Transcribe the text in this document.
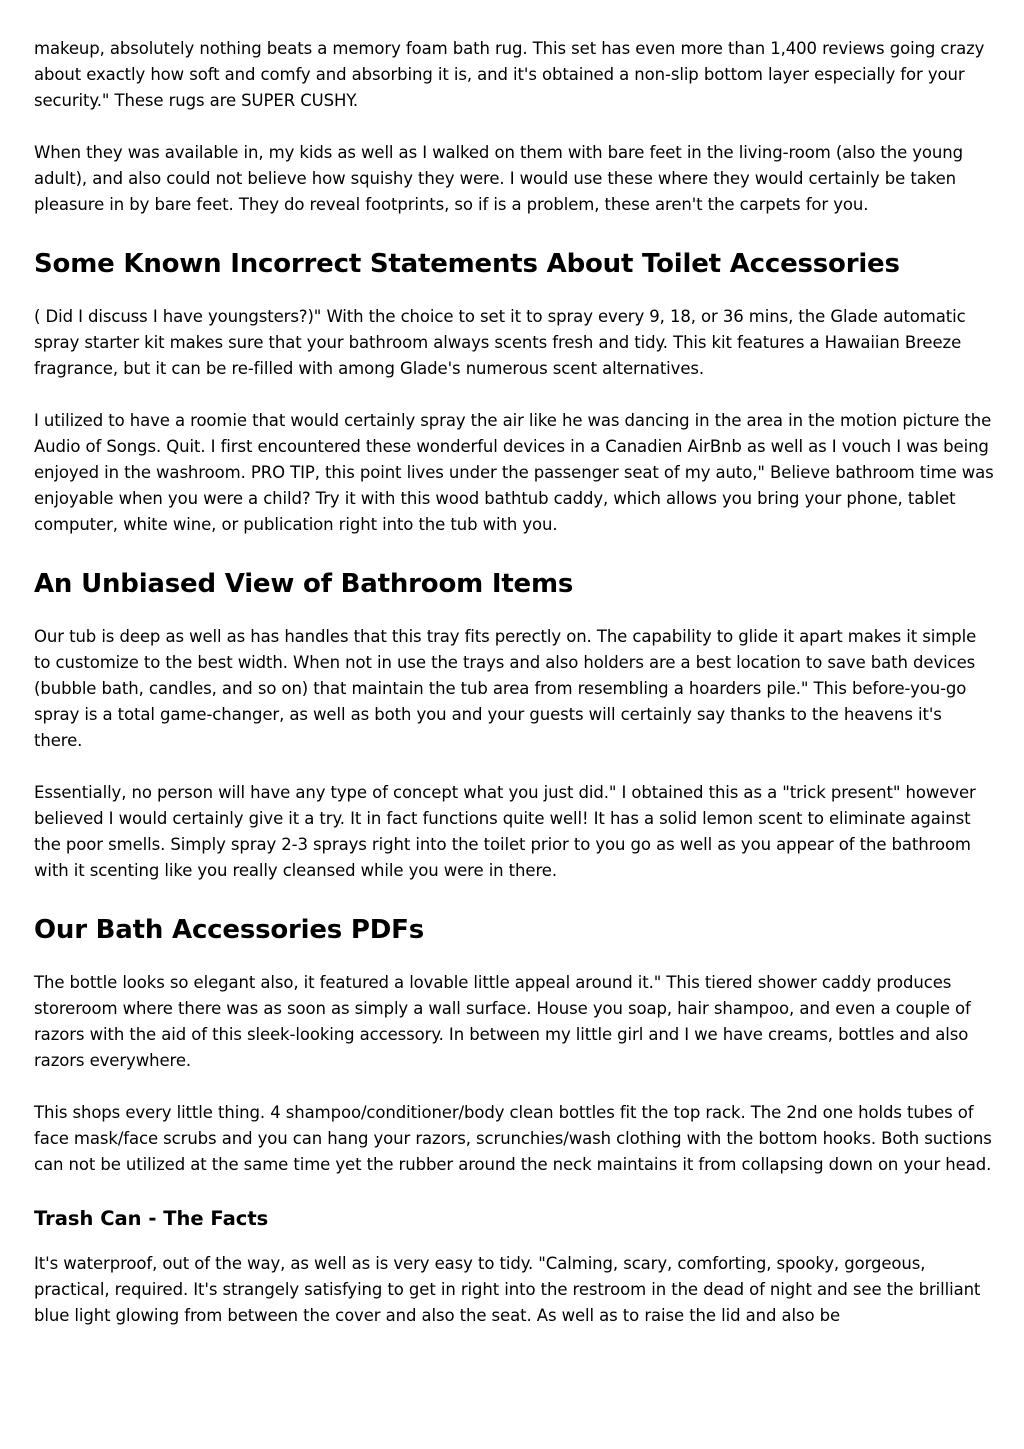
makeup, absolutely nothing beats a memory foam bath rug. This set has even more than 1,400 reviews going crazy about exactly how soft and comfy and absorbing it is, and it's obtained a non-slip bottom layer especially for your security." These rugs are SUPER CUSHY.

When they was available in, my kids as well as I walked on them with bare feet in the living-room (also the young adult), and also could not believe how squishy they were. I would use these where they would certainly be taken pleasure in by bare feet. They do reveal footprints, so if is a problem, these aren't the carpets for you.

Some Known Incorrect Statements About Toilet Accessories

( Did I discuss I have youngsters?)" With the choice to set it to spray every 9, 18, or 36 mins, the Glade automatic spray starter kit makes sure that your bathroom always scents fresh and tidy. This kit features a Hawaiian Breeze fragrance, but it can be re-filled with among Glade's numerous scent alternatives.

I utilized to have a roomie that would certainly spray the air like he was dancing in the area in the motion picture the Audio of Songs. Quit. I first encountered these wonderful devices in a Canadien AirBnb as well as I vouch I was being enjoyed in the washroom. PRO TIP, this point lives under the passenger seat of my auto," Believe bathroom time was enjoyable when you were a child? Try it with this wood bathtub caddy, which allows you bring your phone, tablet computer, white wine, or publication right into the tub with you.

An Unbiased View of Bathroom Items

Our tub is deep as well as has handles that this tray fits perectly on. The capability to glide it apart makes it simple to customize to the best width. When not in use the trays and also holders are a best location to save bath devices (bubble bath, candles, and so on) that maintain the tub area from resembling a hoarders pile." This before-you-go spray is a total game-changer, as well as both you and your guests will certainly say thanks to the heavens it's there.

Essentially, no person will have any type of concept what you just did." I obtained this as a "trick present" however believed I would certainly give it a try. It in fact functions quite well! It has a solid lemon scent to eliminate against the poor smells. Simply spray 2-3 sprays right into the toilet prior to you go as well as you appear of the bathroom with it scenting like you really cleansed while you were in there.

Our Bath Accessories PDFs

The bottle looks so elegant also, it featured a lovable little appeal around it." This tiered shower caddy produces storeroom where there was as soon as simply a wall surface. House you soap, hair shampoo, and even a couple of razors with the aid of this sleek-looking accessory. In between my little girl and I we have creams, bottles and also razors everywhere.

This shops every little thing. 4 shampoo/conditioner/body clean bottles fit the top rack. The 2nd one holds tubes of face mask/face scrubs and you can hang your razors, scrunchies/wash clothing with the bottom hooks. Both suctions can not be utilized at the same time yet the rubber around the neck maintains it from collapsing down on your head.

Trash Can - The Facts

It's waterproof, out of the way, as well as is very easy to tidy. "Calming, scary, comforting, spooky, gorgeous, practical, required. It's strangely satisfying to get in right into the restroom in the dead of night and see the brilliant blue light glowing from between the cover and also the seat. As well as to raise the lid and also be
